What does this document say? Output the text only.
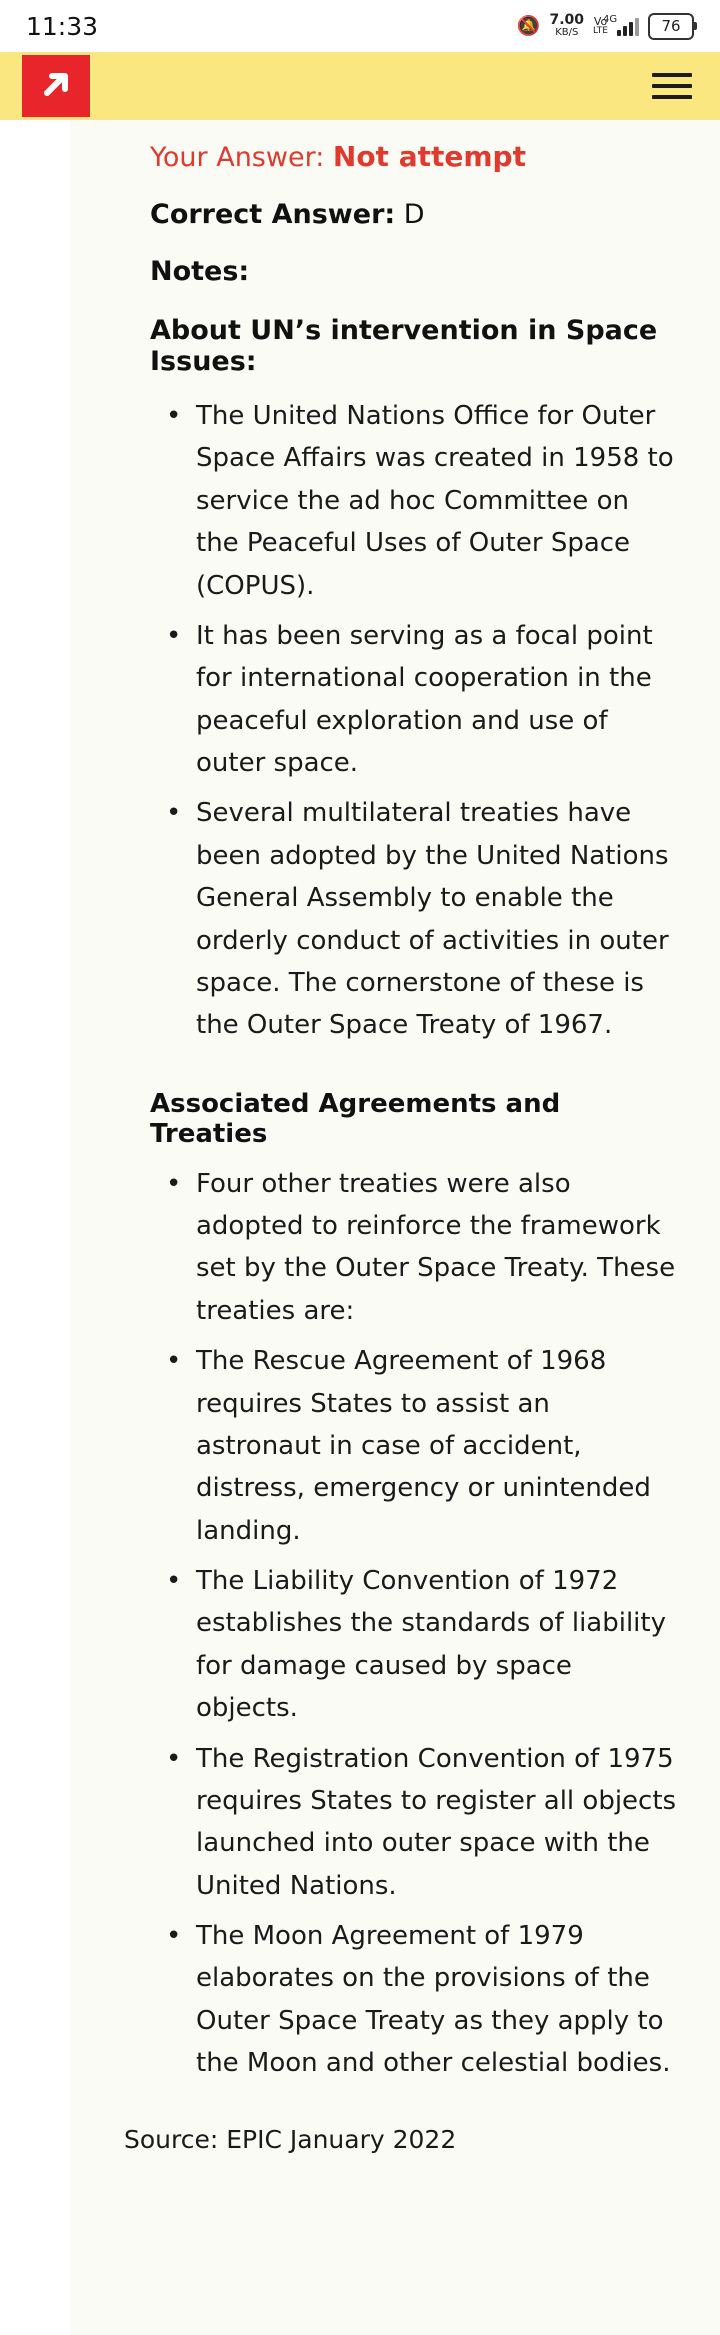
11:33	🔕 7.00
KB/S
Vo
LTE
4G	76

Your Answer: Not attempt

Correct Answer: D

Notes:

About UN’s intervention in Space Issues:

• The United Nations Office for Outer Space Affairs was created in 1958 to service the ad hoc Committee on the Peaceful Uses of Outer Space (COPUS).
• It has been serving as a focal point for international cooperation in the peaceful exploration and use of outer space.
• Several multilateral treaties have been adopted by the United Nations General Assembly to enable the orderly conduct of activities in outer space. The cornerstone of these is the Outer Space Treaty of 1967.

Associated Agreements and Treaties

• Four other treaties were also adopted to reinforce the framework set by the Outer Space Treaty. These treaties are:
• The Rescue Agreement of 1968 requires States to assist an astronaut in case of accident, distress, emergency or unintended landing.
• The Liability Convention of 1972 establishes the standards of liability for damage caused by space objects.
• The Registration Convention of 1975 requires States to register all objects launched into outer space with the United Nations.
• The Moon Agreement of 1979 elaborates on the provisions of the Outer Space Treaty as they apply to the Moon and other celestial bodies.

Source: EPIC January 2022
